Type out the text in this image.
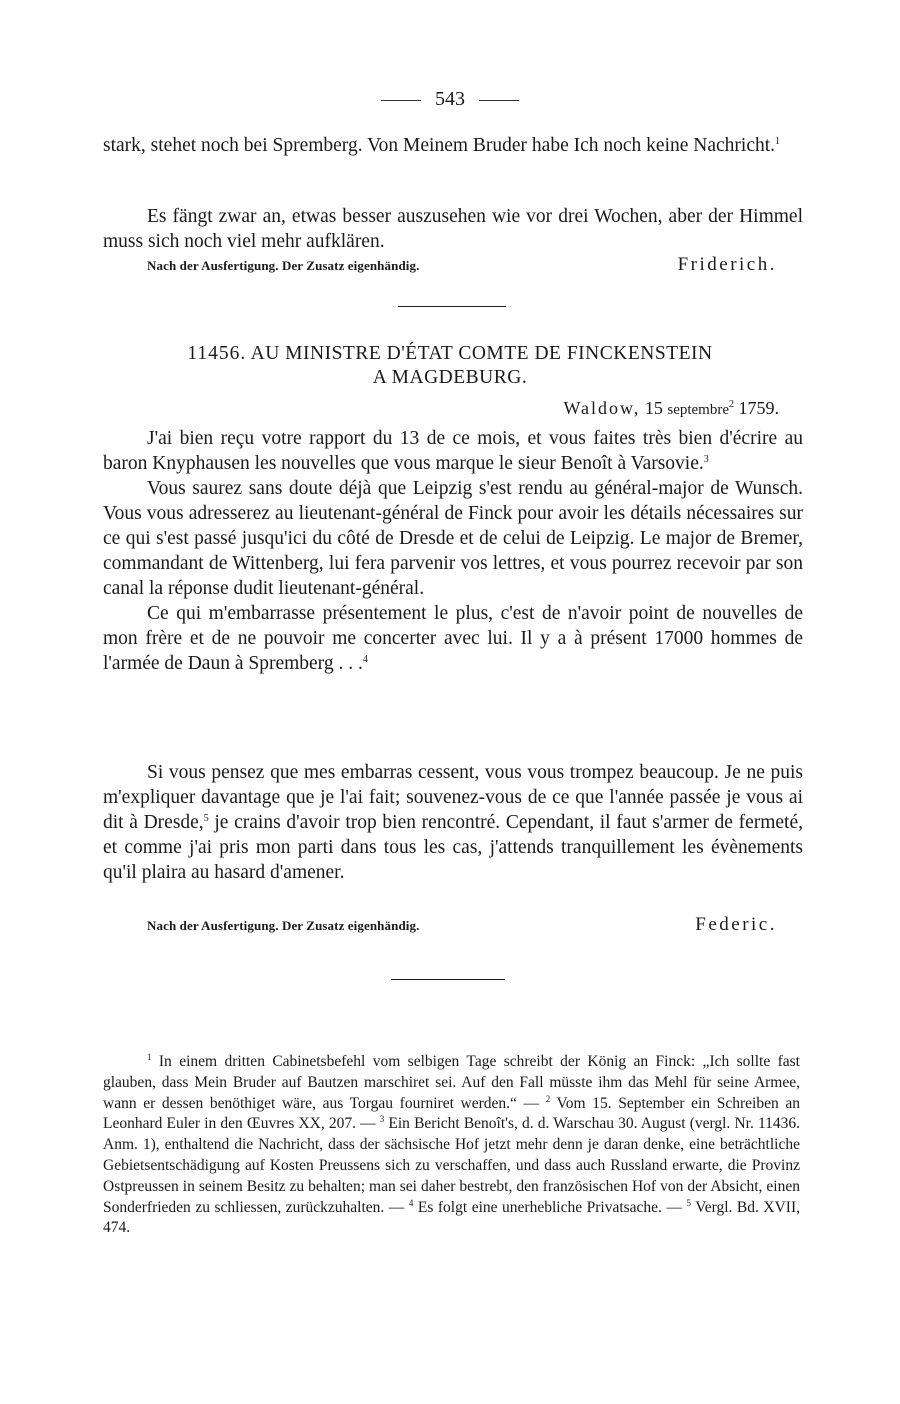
543

stark, stehet noch bei Spremberg. Von Meinem Bruder habe Ich noch keine Nachricht.$^1$

Es fängt zwar an, etwas besser auszusehen wie vor drei Wochen, aber der Himmel muss sich noch viel mehr aufklären.

Nach der Ausfertigung. Der Zusatz eigenhändig.	Friderich.
11456. AU MINISTRE D'ÉTAT COMTE DE FINCKENSTEIN
A MAGDEBURG.
Waldow, 15 septembre$^2$ 1759.

J'ai bien reçu votre rapport du 13 de ce mois, et vous faites très bien d'écrire au baron Knyphausen les nouvelles que vous marque le sieur Benoît à Varsovie.$^3$

Vous saurez sans doute déjà que Leipzig s'est rendu au général-major de Wunsch. Vous vous adresserez au lieutenant-général de Finck pour avoir les détails nécessaires sur ce qui s'est passé jusqu'ici du côté de Dresde et de celui de Leipzig. Le major de Bremer, commandant de Wittenberg, lui fera parvenir vos lettres, et vous pourrez recevoir par son canal la réponse dudit lieutenant-général.

Ce qui m'embarrasse présentement le plus, c'est de n'avoir point de nouvelles de mon frère et de ne pouvoir me concerter avec lui. Il y a à présent 17000 hommes de l'armée de Daun à Spremberg . . .$^4$

Si vous pensez que mes embarras cessent, vous vous trompez beaucoup. Je ne puis m'expliquer davantage que je l'ai fait; souvenez-vous de ce que l'année passée je vous ai dit à Dresde,$^5$ je crains d'avoir trop bien rencontré. Cependant, il faut s'armer de fermeté, et comme j'ai pris mon parti dans tous les cas, j'attends tranquillement les évènements qu'il plaira au hasard d'amener.

Nach der Ausfertigung. Der Zusatz eigenhändig.	Federic.

$^1$ In einem dritten Cabinetsbefehl vom selbigen Tage schreibt der König an Finck: „Ich sollte fast glauben, dass Mein Bruder auf Bautzen marschiret sei. Auf den Fall müsste ihm das Mehl für seine Armee, wann er dessen benöthiget wäre, aus Torgau fourniret werden.“ — $^2$ Vom 15. September ein Schreiben an Leonhard Euler in den Œuvres XX, 207. — $^3$ Ein Bericht Benoît's, d. d. Warschau 30. August (vergl. Nr. 11436. Anm. 1), enthaltend die Nachricht, dass der sächsische Hof jetzt mehr denn je daran denke, eine beträchtliche Gebietsentschädigung auf Kosten Preussens sich zu verschaffen, und dass auch Russland erwarte, die Provinz Ostpreussen in seinem Besitz zu behalten; man sei daher bestrebt, den französischen Hof von der Absicht, einen Sonderfrieden zu schliessen, zurückzuhalten. — $^4$ Es folgt eine unerhebliche Privatsache. — $^5$ Vergl. Bd. XVII, 474.
